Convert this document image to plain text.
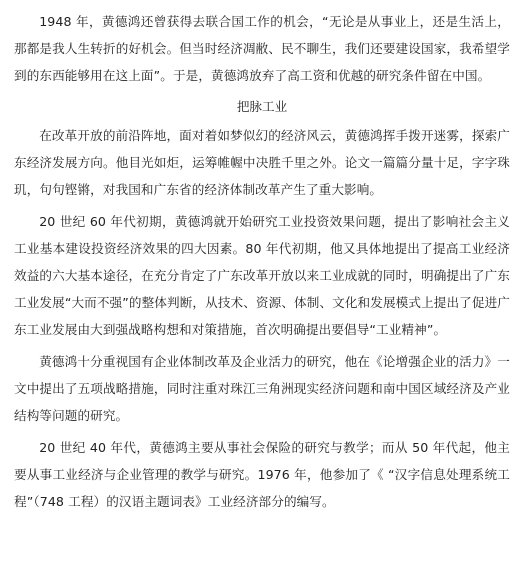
1948 年，黄德鸿还曾获得去联合国工作的机会，“无论是从事业上，还是生活上，那都是我人生转折的好机会。但当时经济凋敝、民不聊生，我们还要建设国家，我希望学到的东西能够用在这上面”。于是，黄德鸿放弃了高工资和优越的研究条件留在中国。

把脉工业

在改革开放的前沿阵地，面对着如梦似幻的经济风云，黄德鸿挥手拨开迷雾，探索广东经济发展方向。他目光如炬，运筹帷幄中决胜千里之外。论文一篇篇分量十足，字字珠玑，句句铿锵，对我国和广东省的经济体制改革产生了重大影响。

20 世纪 60 年代初期，黄德鸿就开始研究工业投资效果问题，提出了影响社会主义工业基本建设投资经济效果的四大因素。80 年代初期，他又具体地提出了提高工业经济效益的六大基本途径，在充分肯定了广东改革开放以来工业成就的同时，明确提出了广东工业发展“大而不强”的整体判断，从技术、资源、体制、文化和发展模式上提出了促进广东工业发展由大到强战略构想和对策措施，首次明确提出要倡导“工业精神”。

黄德鸿十分重视国有企业体制改革及企业活力的研究，他在《论增强企业的活力》一文中提出了五项战略措施，同时注重对珠江三角洲现实经济问题和南中国区域经济及产业结构等问题的研究。

20 世纪 40 年代，黄德鸿主要从事社会保险的研究与教学；而从 50 年代起，他主要从事工业经济与企业管理的教学与研究。1976 年，他参加了《 “汉字信息处理系统工程”（748 工程）的汉语主题词表》工业经济部分的编写。
